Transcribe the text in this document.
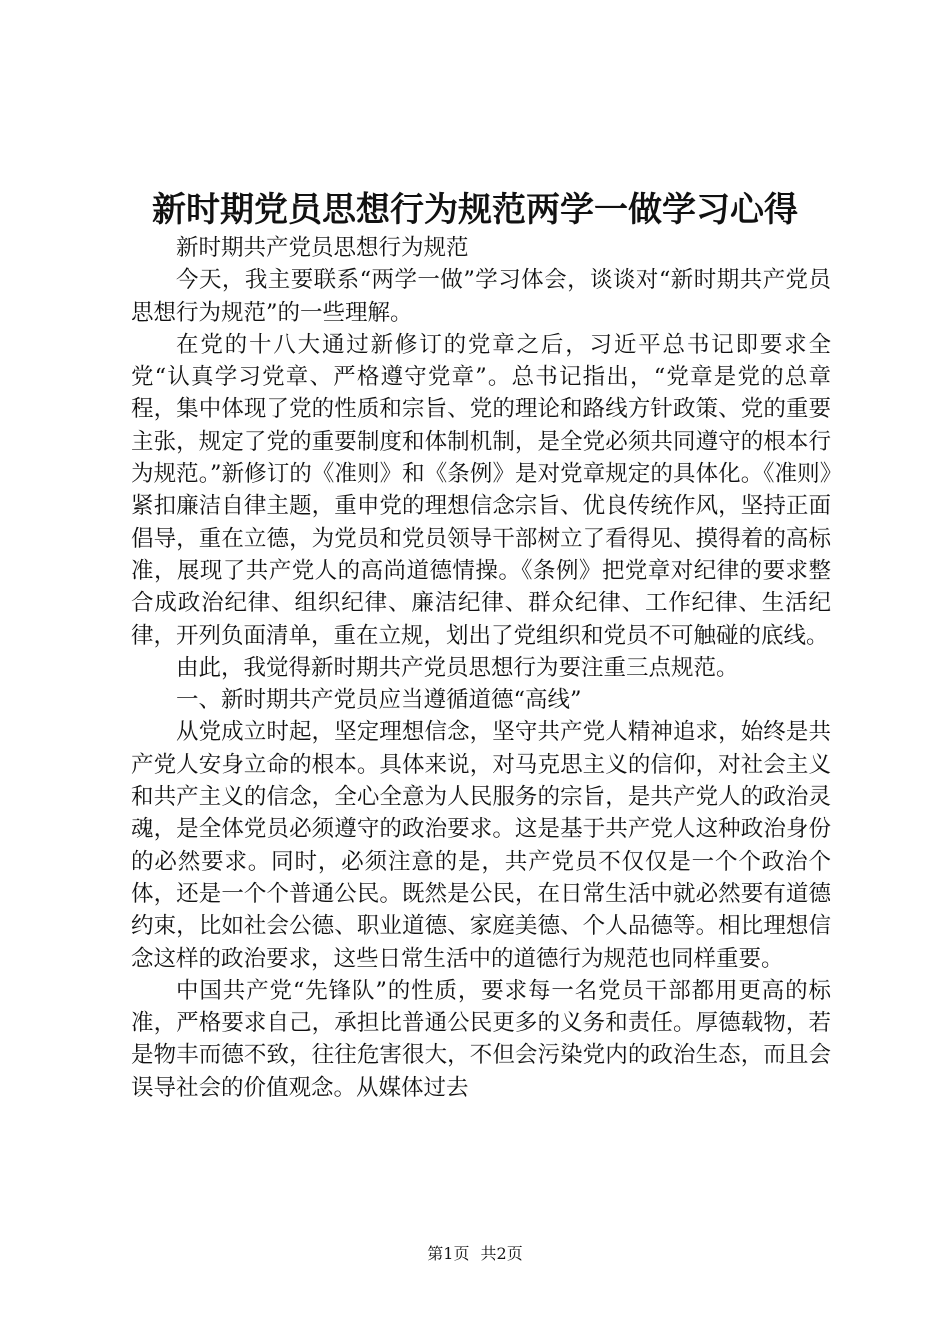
新时期党员思想行为规范两学一做学习心得

新时期共产党员思想行为规范

今天，我主要联系“两学一做”学习体会，谈谈对“新时期共产党员思想行为规范”的一些理解。

在党的十八大通过新修订的党章之后，习近平总书记即要求全党“认真学习党章、严格遵守党章”。总书记指出，“党章是党的总章程，集中体现了党的性质和宗旨、党的理论和路线方针政策、党的重要主张，规定了党的重要制度和体制机制，是全党必须共同遵守的根本行为规范。”新修订的《准则》和《条例》是对党章规定的具体化。《准则》紧扣廉洁自律主题，重申党的理想信念宗旨、优良传统作风，坚持正面倡导，重在立德，为党员和党员领导干部树立了看得见、摸得着的高标准，展现了共产党人的高尚道德情操。《条例》把党章对纪律的要求整合成政治纪律、组织纪律、廉洁纪律、群众纪律、工作纪律、生活纪律，开列负面清单，重在立规，划出了党组织和党员不可触碰的底线。

由此，我觉得新时期共产党员思想行为要注重三点规范。

一、新时期共产党员应当遵循道德“高线”

从党成立时起，坚定理想信念，坚守共产党人精神追求，始终是共产党人安身立命的根本。具体来说，对马克思主义的信仰，对社会主义和共产主义的信念，全心全意为人民服务的宗旨，是共产党人的政治灵魂，是全体党员必须遵守的政治要求。这是基于共产党人这种政治身份的必然要求。同时，必须注意的是，共产党员不仅仅是一个个政治个体，还是一个个普通公民。既然是公民，在日常生活中就必然要有道德约束，比如社会公德、职业道德、家庭美德、个人品德等。相比理想信念这样的政治要求，这些日常生活中的道德行为规范也同样重要。

中国共产党“先锋队”的性质，要求每一名党员干部都用更高的标准，严格要求自己，承担比普通公民更多的义务和责任。厚德载物，若是物丰而德不致，往往危害很大，不但会污染党内的政治生态，而且会误导社会的价值观念。从媒体过去

第1页 共2页
